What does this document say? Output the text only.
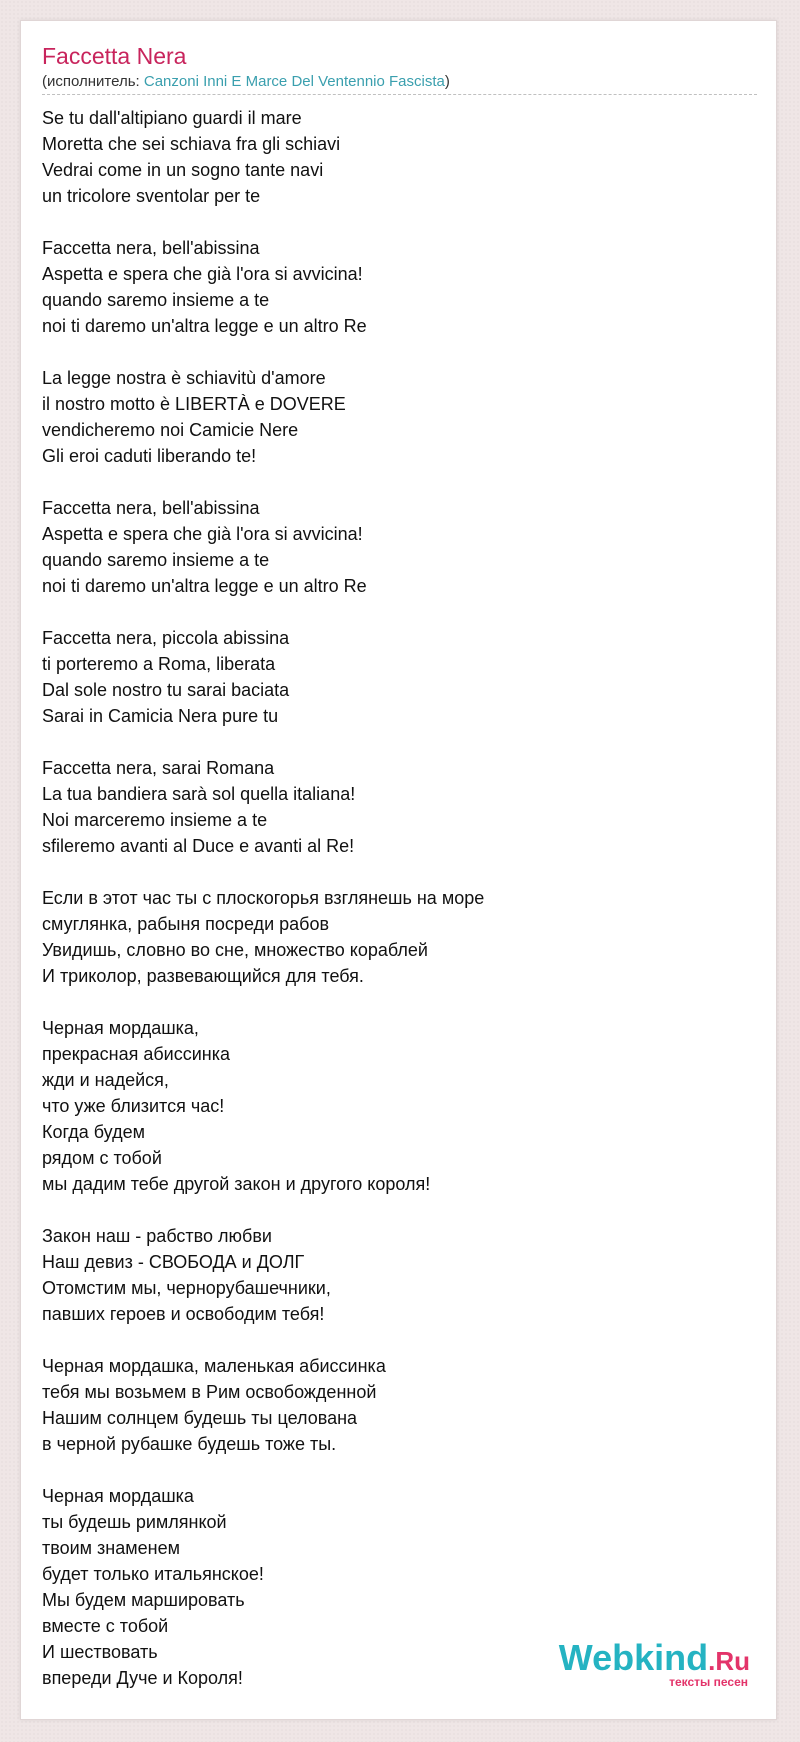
Faccetta Nera
(исполнитель: Canzoni Inni E Marce Del Ventennio Fascista)
Se tu dall'altipiano guardi il mare
Moretta che sei schiava fra gli schiavi
Vedrai come in un sogno tante navi
un tricolore sventolar per te
Faccetta nera, bell'abissina
Aspetta e spera che già l'ora si avvicina!
quando saremo insieme a te
noi ti daremo un'altra legge e un altro Re
La legge nostra è schiavitù d'amore
il nostro motto è LIBERTÀ e DOVERE
vendicheremo noi Camicie Nere
Gli eroi caduti liberando te!
Faccetta nera, bell'abissina
Aspetta e spera che già l'ora si avvicina!
quando saremo insieme a te
noi ti daremo un'altra legge e un altro Re
Faccetta nera, piccola abissina
ti porteremo a Roma, liberata
Dal sole nostro tu sarai baciata
Sarai in Camicia Nera pure tu
Faccetta nera, sarai Romana
La tua bandiera sarà sol quella italiana!
Noi marceremo insieme a te
sfileremo avanti al Duce e avanti al Re!
Если в этот час ты с плоскогорья взглянешь на море
смуглянка, рабыня посреди рабов
Увидишь, словно во сне, множество кораблей
И триколор, развевающийся для тебя.
Черная мордашка,
прекрасная абиссинка
жди и надейся,
что уже близится час!
Когда будем
рядом с тобой
мы дадим тебе другой закон и другого короля!
Закон наш - рабство любви
Наш девиз - СВОБОДА и ДОЛГ
Отомстим мы, чернорубашечники,
павших героев и освободим тебя!
Черная мордашка, маленькая абиссинка
тебя мы возьмем в Рим освобожденной
Нашим солнцем будешь ты целована
в черной рубашке будешь тоже ты.
Черная мордашка
ты будешь римлянкой
твоим знаменем
будет только итальянское!
Мы будем маршировать
вместе с тобой
И шествовать
впереди Дуче и Короля!	Webkind.Ru
тексты песен
